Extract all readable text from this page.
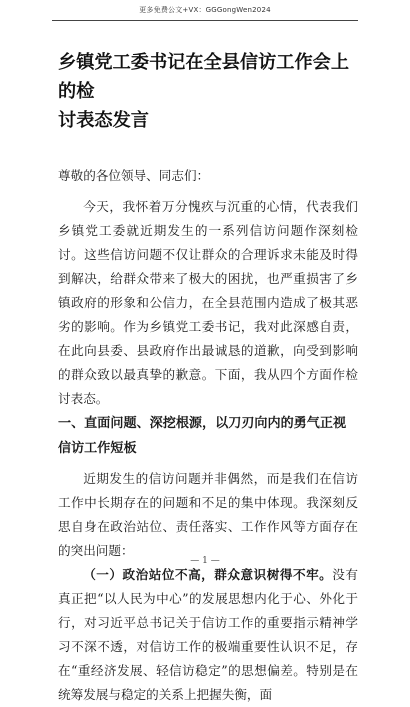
更多免费公文+VX：GGGongWen2024
乡镇党工委书记在全县信访工作会上的检
讨表态发言
尊敬的各位领导、同志们：

今天，我怀着万分愧疚与沉重的心情，代表我们乡镇党工委就近期发生的一系列信访问题作深刻检讨。这些信访问题不仅让群众的合理诉求未能及时得到解决，给群众带来了极大的困扰，也严重损害了乡镇政府的形象和公信力，在全县范围内造成了极其恶劣的影响。作为乡镇党工委书记，我对此深感自责，在此向县委、县政府作出最诚恳的道歉，向受到影响的群众致以最真挚的歉意。下面，我从四个方面作检讨表态。

一、直面问题、深挖根源，以刀刃向内的勇气正视信访工作短板

近期发生的信访问题并非偶然，而是我们在信访工作中长期存在的问题和不足的集中体现。我深刻反思自身在政治站位、责任落实、工作作风等方面存在的突出问题：

（一）政治站位不高，群众意识树得不牢。没有真正把“以人民为中心”的发展思想内化于心、外化于行，对习近平总书记关于信访工作的重要指示精神学习不深不透，对信访工作的极端重要性认识不足，存在“重经济发展、轻信访稳定”的思想偏差。特别是在统筹发展与稳定的关系上把握失衡，面

— 1 —
